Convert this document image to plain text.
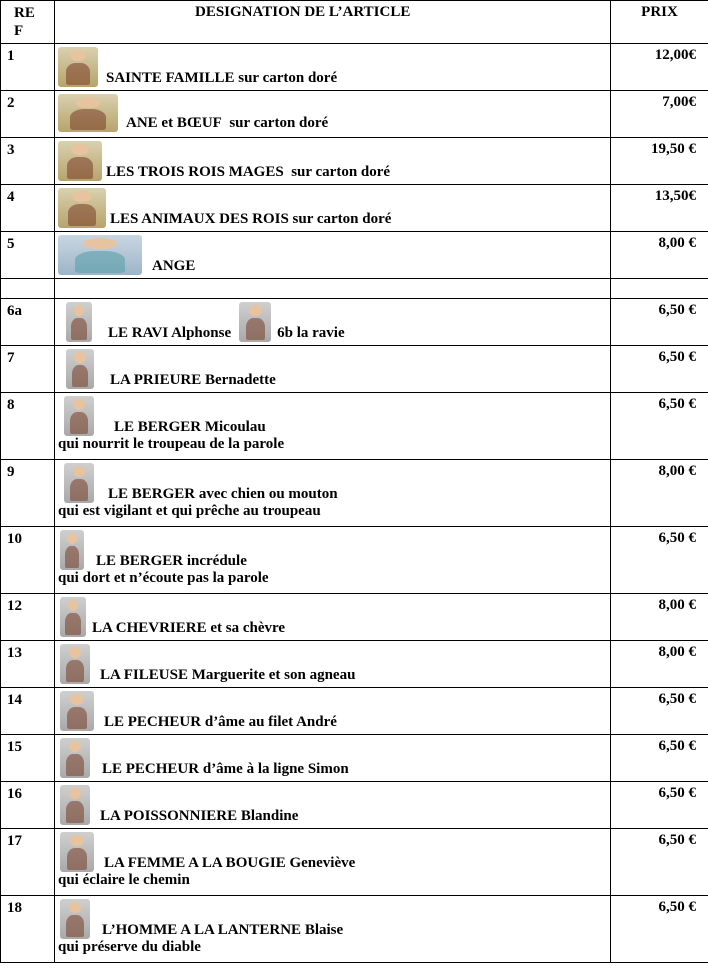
REF	DESIGNATION DE L’ARTICLE	PRIX

1	SAINTE FAMILLE sur carton doré	12,00€

2	ANE et BŒUF sur carton doré	7,00€

3	LES TROIS ROIS MAGES sur carton doré	19,50 €

4	LES ANIMAUX DES ROIS sur carton doré	13,50€

5	ANGE	8,00 €

6a	LE RAVI Alphonse 6b la ravie	6,50 €

7	LA PRIEURE Bernadette	6,50 €

8	LE BERGER Micoulau
qui nourrit le troupeau de la parole	6,50 €

9	LE BERGER avec chien ou mouton
qui est vigilant et qui prêche au troupeau	8,00 €

10	LE BERGER incrédule
qui dort et n’écoute pas la parole	6,50 €

12	LA CHEVRIERE et sa chèvre	8,00 €

13	LA FILEUSE Marguerite et son agneau	8,00 €

14	LE PECHEUR d’âme au filet André	6,50 €

15	LE PECHEUR d’âme à la ligne Simon	6,50 €

16	LA POISSONNIERE Blandine	6,50 €

17	LA FEMME A LA BOUGIE Geneviève
qui éclaire le chemin	6,50 €

18	L’HOMME A LA LANTERNE Blaise
qui préserve du diable	6,50 €
